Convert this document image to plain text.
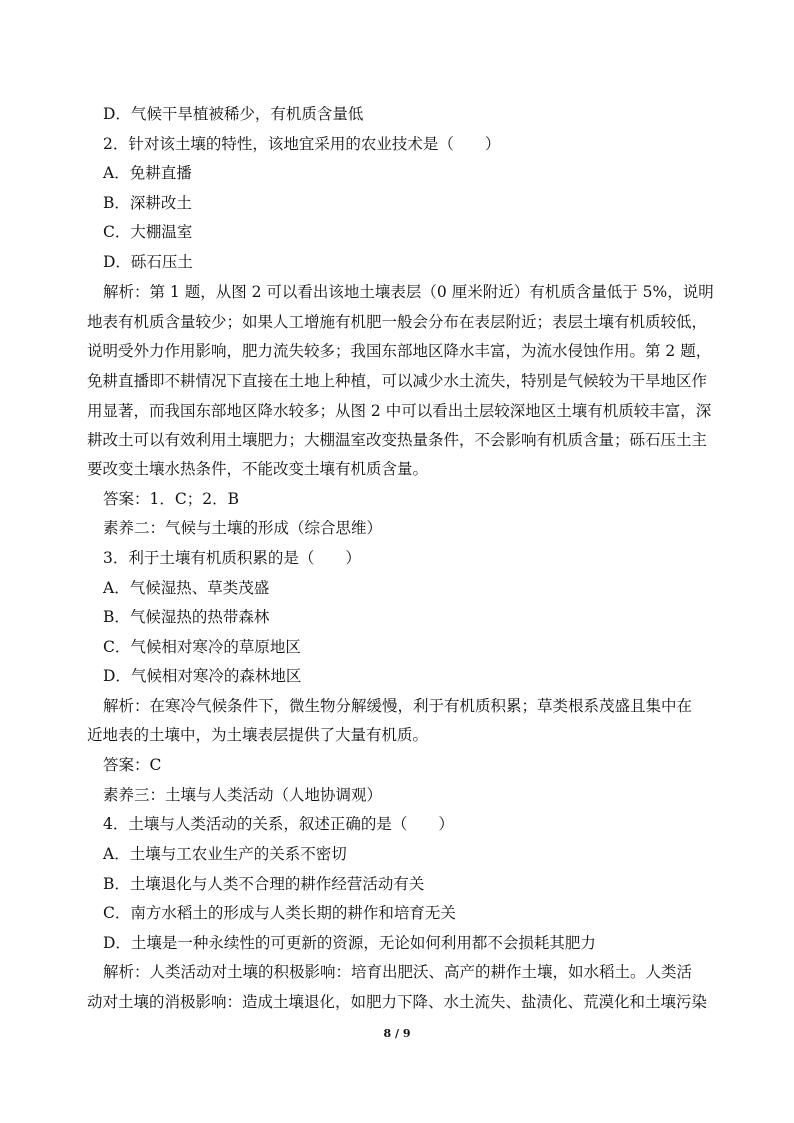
D．气候干旱植被稀少，有机质含量低
2．针对该土壤的特性，该地宜采用的农业技术是（　　）
A．免耕直播
B．深耕改土
C．大棚温室
D．砾石压土
解析：第 1 题，从图 2 可以看出该地土壤表层（0 厘米附近）有机质含量低于 5%，说明
地表有机质含量较少；如果人工增施有机肥一般会分布在表层附近；表层土壤有机质较低，
说明受外力作用影响，肥力流失较多；我国东部地区降水丰富，为流水侵蚀作用。第 2 题，
免耕直播即不耕情况下直接在土地上种植，可以减少水土流失，特别是气候较为干旱地区作
用显著，而我国东部地区降水较多；从图 2 中可以看出土层较深地区土壤有机质较丰富，深
耕改土可以有效利用土壤肥力；大棚温室改变热量条件，不会影响有机质含量；砾石压土主
要改变土壤水热条件，不能改变土壤有机质含量。
答案：1．C；2．B
素养二：气候与土壤的形成（综合思维）
3．利于土壤有机质积累的是（　　）
A．气候湿热、草类茂盛
B．气候湿热的热带森林
C．气候相对寒冷的草原地区
D．气候相对寒冷的森林地区
解析：在寒冷气候条件下，微生物分解缓慢，利于有机质积累；草类根系茂盛且集中在
近地表的土壤中，为土壤表层提供了大量有机质。
答案：C
素养三：土壤与人类活动（人地协调观）
4．土壤与人类活动的关系，叙述正确的是（　　）
A．土壤与工农业生产的关系不密切
B．土壤退化与人类不合理的耕作经营活动有关
C．南方水稻土的形成与人类长期的耕作和培育无关
D．土壤是一种永续性的可更新的资源，无论如何利用都不会损耗其肥力
解析：人类活动对土壤的积极影响：培育出肥沃、高产的耕作土壤，如水稻土。人类活
动对土壤的消极影响：造成土壤退化，如肥力下降、水土流失、盐渍化、荒漠化和土壤污染
8 / 9
